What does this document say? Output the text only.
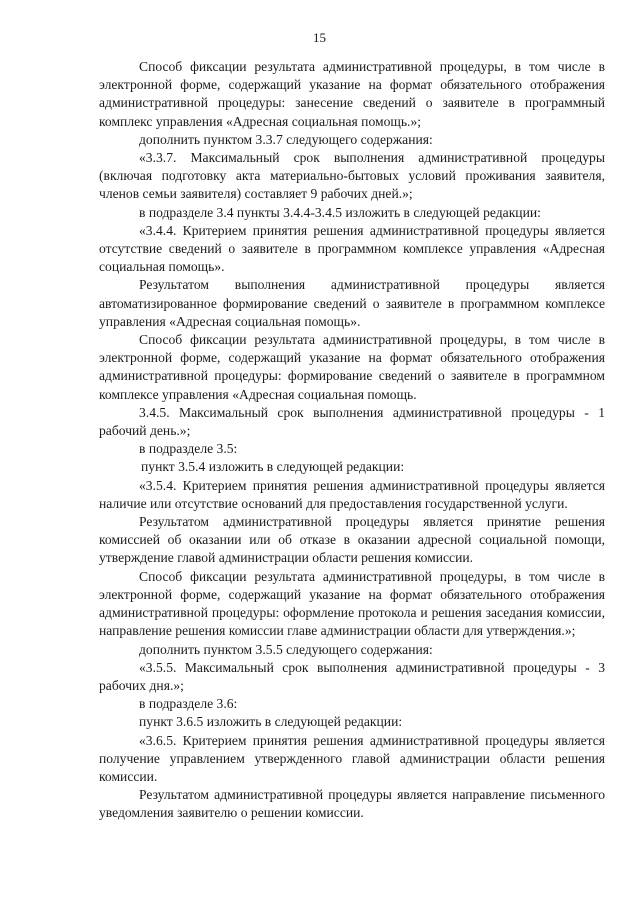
15

Способ фиксации результата административной процедуры, в том числе в электронной форме, содержащий указание на формат обязательного отображения административной процедуры: занесение сведений о заявителе в программный комплекс управления «Адресная социальная помощь.»;

дополнить пунктом 3.3.7 следующего содержания:

«3.3.7. Максимальный срок выполнения административной процедуры (включая подготовку акта материально-бытовых условий проживания заявителя, членов семьи заявителя) составляет 9 рабочих дней.»;

в подразделе 3.4 пункты 3.4.4-3.4.5 изложить в следующей редакции:

«3.4.4. Критерием принятия решения административной процедуры является отсутствие сведений о заявителе в программном комплексе управления «Адресная социальная помощь».

Результатом выполнения административной процедуры является автоматизированное формирование сведений о заявителе в программном комплексе управления «Адресная социальная помощь».

Способ фиксации результата административной процедуры, в том числе в электронной форме, содержащий указание на формат обязательного отображения административной процедуры: формирование сведений о заявителе в программном комплексе управления «Адресная социальная помощь.

3.4.5. Максимальный срок выполнения административной процедуры - 1 рабочий день.»;

в подразделе 3.5:

пункт 3.5.4 изложить в следующей редакции:

«3.5.4. Критерием принятия решения административной процедуры является наличие или отсутствие оснований для предоставления государственной услуги.

Результатом административной процедуры является принятие решения комиссией об оказании или об отказе в оказании адресной социальной помощи, утверждение главой администрации области решения комиссии.

Способ фиксации результата административной процедуры, в том числе в электронной форме, содержащий указание на формат обязательного отображения административной процедуры: оформление протокола и решения заседания комиссии, направление решения комиссии главе администрации области для утверждения.»;

дополнить пунктом 3.5.5 следующего содержания:

«3.5.5. Максимальный срок выполнения административной процедуры - 3 рабочих дня.»;

в подразделе 3.6:

пункт 3.6.5 изложить в следующей редакции:

«3.6.5. Критерием принятия решения административной процедуры является получение управлением утвержденного главой администрации области решения комиссии.

Результатом административной процедуры является направление письменного уведомления заявителю о решении комиссии.
